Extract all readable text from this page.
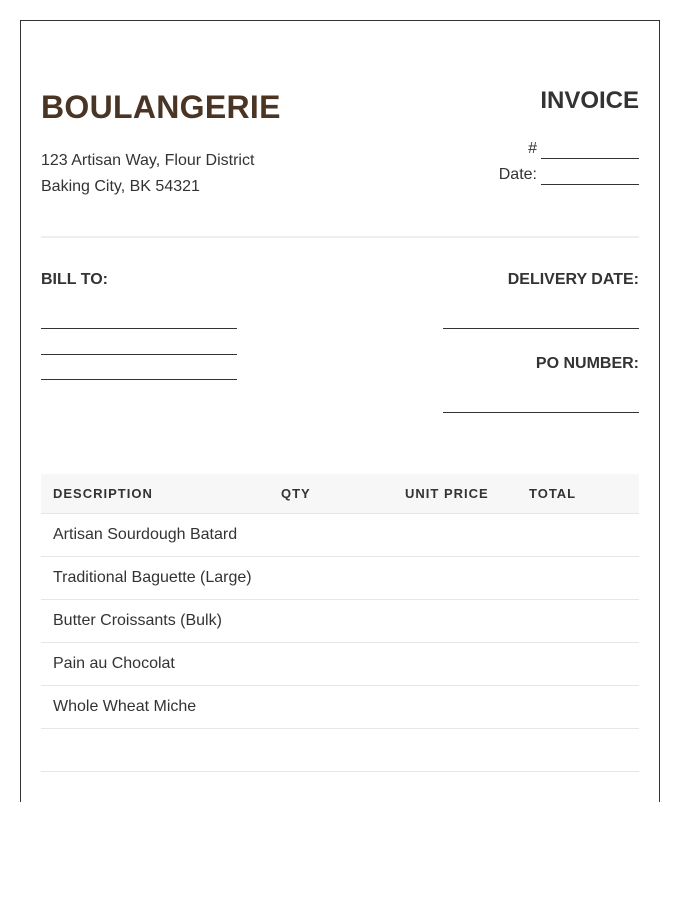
BOULANGERIE
123 Artisan Way, Flour District
Baking City, BK 54321
INVOICE
#
Date:
BILL TO:	DELIVERY DATE:
PO NUMBER:
DESCRIPTION	QTY	UNIT PRICE	TOTAL
Artisan Sourdough Batard
Traditional Baguette (Large)
Butter Croissants (Bulk)
Pain au Chocolat
Whole Wheat Miche
